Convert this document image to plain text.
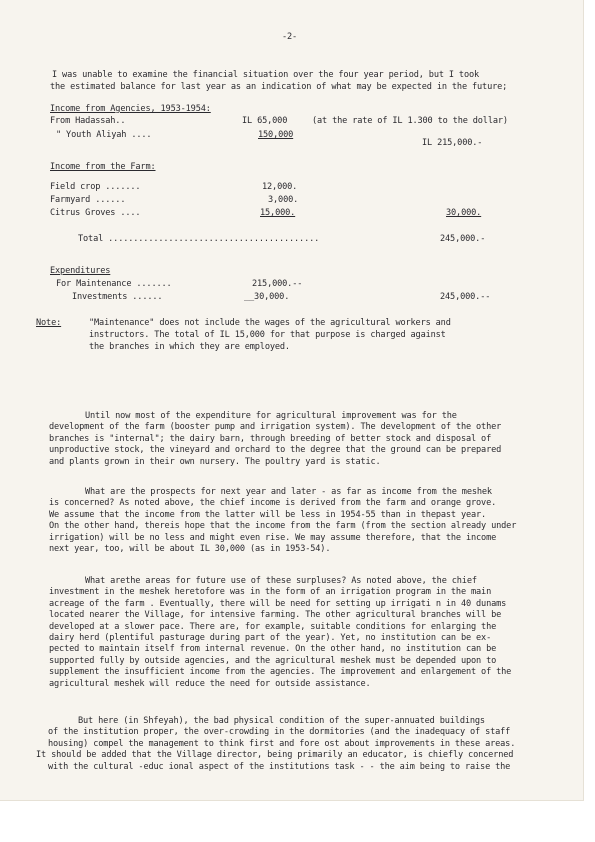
-2-
I was unable to examine the financial situation over the four year period, but I took
the estimated balance for last year as an indication of what may be expected in the future;
Income from Agencies, 1953-1954:
From Hadassah..	IL 65,000	(at the rate of IL 1.300 to the dollar)
" Youth Aliyah ....	150,000
IL 215,000.-
Income from the Farm:
Field crop .......	12,000.
Farmyard ......	3,000.
Citrus Groves ....	15,000.	30,000.
Total ..........................................	245,000.-
Expenditures
For Maintenance .......	215,000.--
Investments ......	__30,000.	245,000.--
Note:	"Maintenance" does not include the wages of the agricultural workers and
instructors. The total of IL 15,000 for that purpose is charged against
the branches in which they are employed.
Until now most of the expenditure for agricultural improvement was for the
development of the farm (booster pump and irrigation system). The development of the other
branches is "internal"; the dairy barn, through breeding of better stock and disposal of
unproductive stock, the vineyard and orchard to the degree that the ground can be prepared
and plants grown in their own nursery. The poultry yard is static.
What are the prospects for next year and later - as far as income from the meshek
is concerned? As noted above, the chief income is derived from the farm and orange grove.
We assume that the income from the latter will be less in 1954-55 than in thepast year.
On the other hand, thereis hope that the income from the farm (from the section already under
irrigation) will be no less and might even rise. We may assume therefore, that the income
next year, too, will be about IL 30,000 (as in 1953-54).
What arethe areas for future use of these surpluses? As noted above, the chief
investment in the meshek heretofore was in the form of an irrigation program in the main
acreage of the farm . Eventually, there will be need for setting up irrigati n in 40 dunams
located nearer the Village, for intensive farming. The other agricultural branches will be
developed at a slower pace. There are, for example, suitable conditions for enlarging the
dairy herd (plentiful pasturage during part of the year). Yet, no institution can be ex-
pected to maintain itself from internal revenue. On the other hand, no institution can be
supported fully by outside agencies, and the agricultural meshek must be depended upon to
supplement the insufficient income from the agencies. The improvement and enlargement of the
agricultural meshek will reduce the need for outside assistance.
But here (in Shfeyah), the bad physical condition of the super-annuated buildings
of the institution proper, the over-crowding in the dormitories (and the inadequacy of staff
housing) compel the management to think first and fore ost about improvements in these areas.
It should be added that the Village director, being primarily an educator, is chiefly concerned
with the cultural -educ ional aspect of the institutions task - - the aim being to raise the
